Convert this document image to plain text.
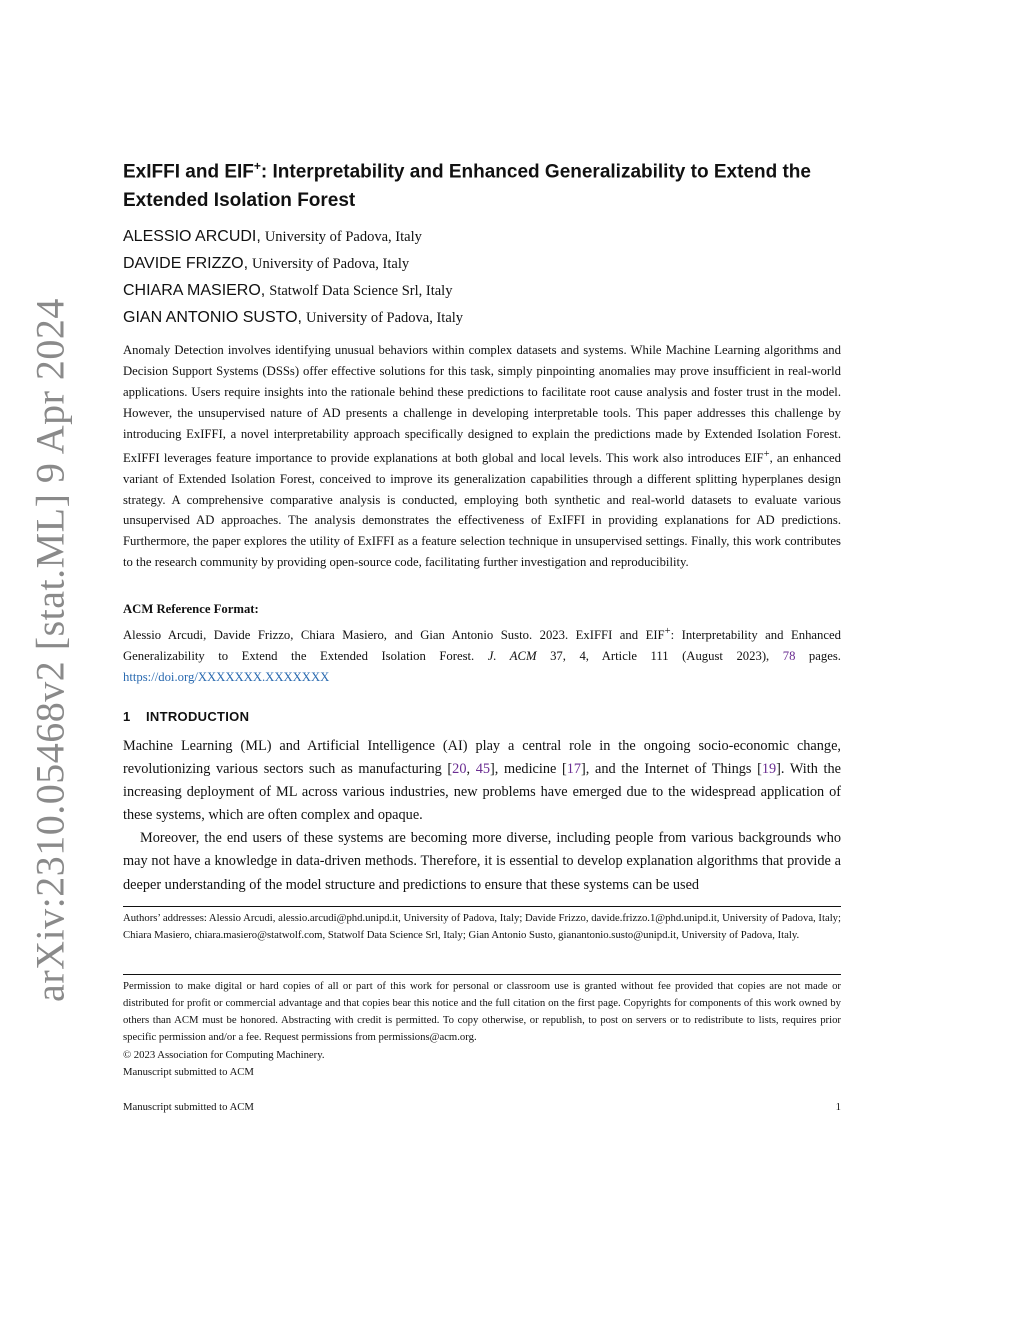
arXiv:2310.05468v2 [stat.ML] 9 Apr 2024
ExIFFI and EIF+: Interpretability and Enhanced Generalizability to Extend the Extended Isolation Forest
ALESSIO ARCUDI, University of Padova, Italy
DAVIDE FRIZZO, University of Padova, Italy
CHIARA MASIERO, Statwolf Data Science Srl, Italy
GIAN ANTONIO SUSTO, University of Padova, Italy

Anomaly Detection involves identifying unusual behaviors within complex datasets and systems. While Machine Learning algorithms and Decision Support Systems (DSSs) offer effective solutions for this task, simply pinpointing anomalies may prove insufficient in real-world applications. Users require insights into the rationale behind these predictions to facilitate root cause analysis and foster trust in the model. However, the unsupervised nature of AD presents a challenge in developing interpretable tools. This paper addresses this challenge by introducing ExIFFI, a novel interpretability approach specifically designed to explain the predictions made by Extended Isolation Forest. ExIFFI leverages feature importance to provide explanations at both global and local levels. This work also introduces EIF+, an enhanced variant of Extended Isolation Forest, conceived to improve its generalization capabilities through a different splitting hyperplanes design strategy. A comprehensive comparative analysis is conducted, employing both synthetic and real-world datasets to evaluate various unsupervised AD approaches. The analysis demonstrates the effectiveness of ExIFFI in providing explanations for AD predictions. Furthermore, the paper explores the utility of ExIFFI as a feature selection technique in unsupervised settings. Finally, this work contributes to the research community by providing open-source code, facilitating further investigation and reproducibility.

ACM Reference Format:

Alessio Arcudi, Davide Frizzo, Chiara Masiero, and Gian Antonio Susto. 2023. ExIFFI and EIF+: Interpretability and Enhanced Generalizability to Extend the Extended Isolation Forest. J. ACM 37, 4, Article 111 (August 2023), 78 pages. https://doi.org/XXXXXXX.XXXXXXX

1 INTRODUCTION

Machine Learning (ML) and Artificial Intelligence (AI) play a central role in the ongoing socio-economic change, revolutionizing various sectors such as manufacturing [20, 45], medicine [17], and the Internet of Things [19]. With the increasing deployment of ML across various industries, new problems have emerged due to the widespread application of these systems, which are often complex and opaque.

Moreover, the end users of these systems are becoming more diverse, including people from various backgrounds who may not have a knowledge in data-driven methods. Therefore, it is essential to develop explanation algorithms that provide a deeper understanding of the model structure and predictions to ensure that these systems can be used

Authors’ addresses: Alessio Arcudi, alessio.arcudi@phd.unipd.it, University of Padova, Italy; Davide Frizzo, davide.frizzo.1@phd.unipd.it, University of Padova, Italy; Chiara Masiero, chiara.masiero@statwolf.com, Statwolf Data Science Srl, Italy; Gian Antonio Susto, gianantonio.susto@unipd.it, University of Padova, Italy.

Permission to make digital or hard copies of all or part of this work for personal or classroom use is granted without fee provided that copies are not made or distributed for profit or commercial advantage and that copies bear this notice and the full citation on the first page. Copyrights for components of this work owned by others than ACM must be honored. Abstracting with credit is permitted. To copy otherwise, or republish, to post on servers or to redistribute to lists, requires prior specific permission and/or a fee. Request permissions from permissions@acm.org.

© 2023 Association for Computing Machinery.

Manuscript submitted to ACM

Manuscript submitted to ACM	1
